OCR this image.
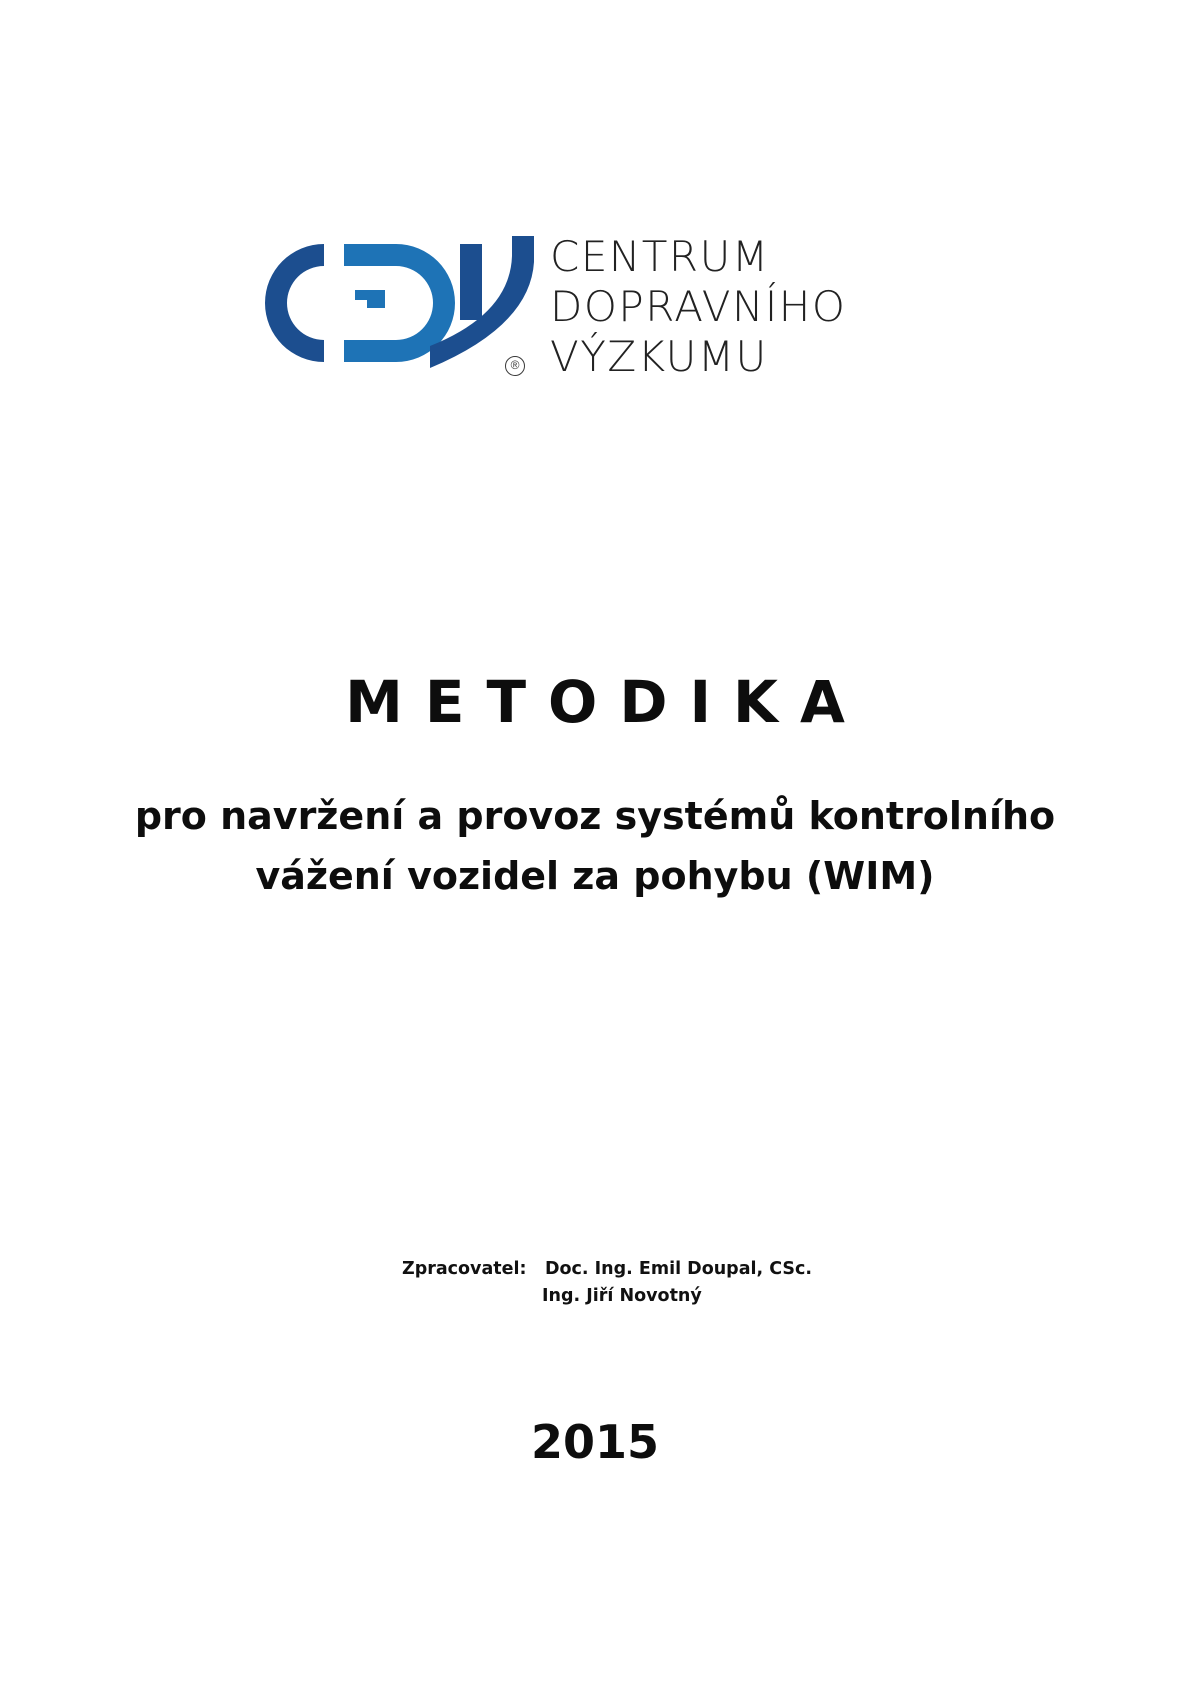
®
CENTRUM
DOPRAVNÍHO
VÝZKUMU
METODIKA
pro navržení a provoz systémů kontrolního
vážení vozidel za pohybu (WIM)
Zpracovatel: Doc. Ing. Emil Doupal, CSc.
Ing. Jiří Novotný
2015
